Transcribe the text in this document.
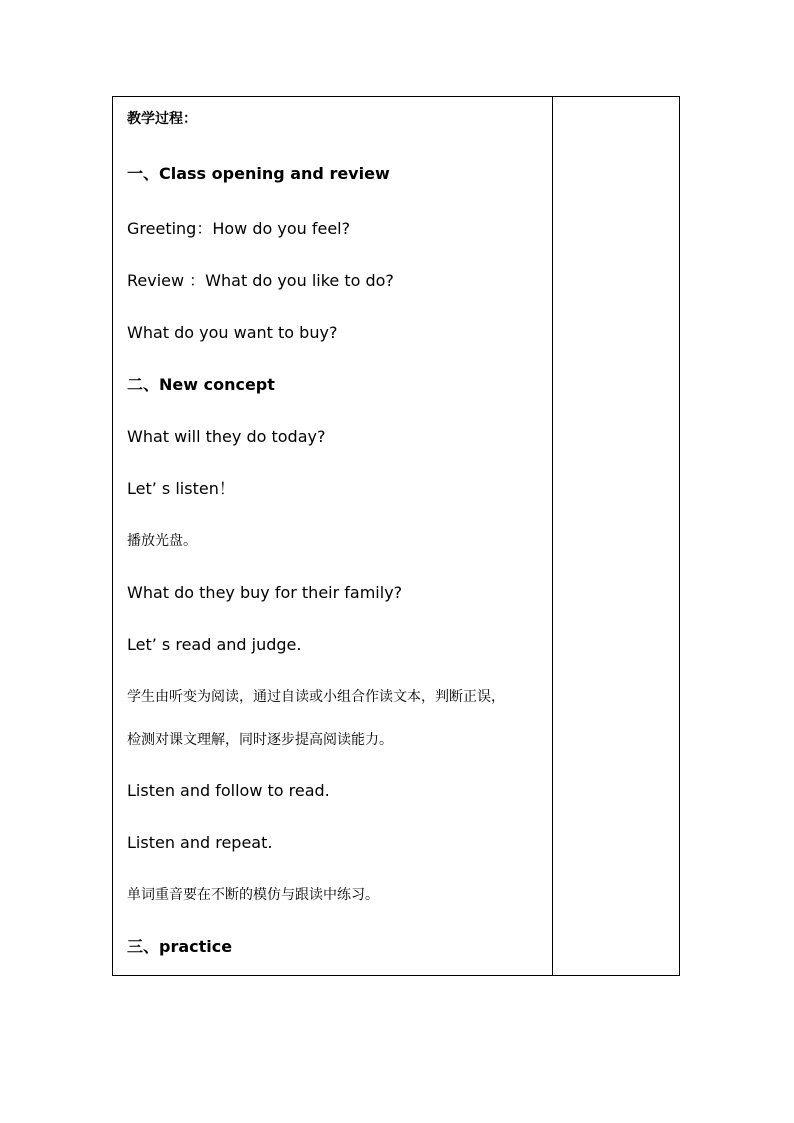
教学过程：
一、Class opening and review
Greeting：How do you feel?
Review ：What do you like to do?
What do you want to buy?
二、New concept
What will they do today?
Let’ s listen！
播放光盘。
What do they buy for their family?
Let’ s read and judge.
学生由听变为阅读，通过自读或小组合作读文本，判断正误，
检测对课文理解，同时逐步提高阅读能力。
Listen and follow to read.
Listen and repeat.
单词重音要在不断的模仿与跟读中练习。
三、practice
